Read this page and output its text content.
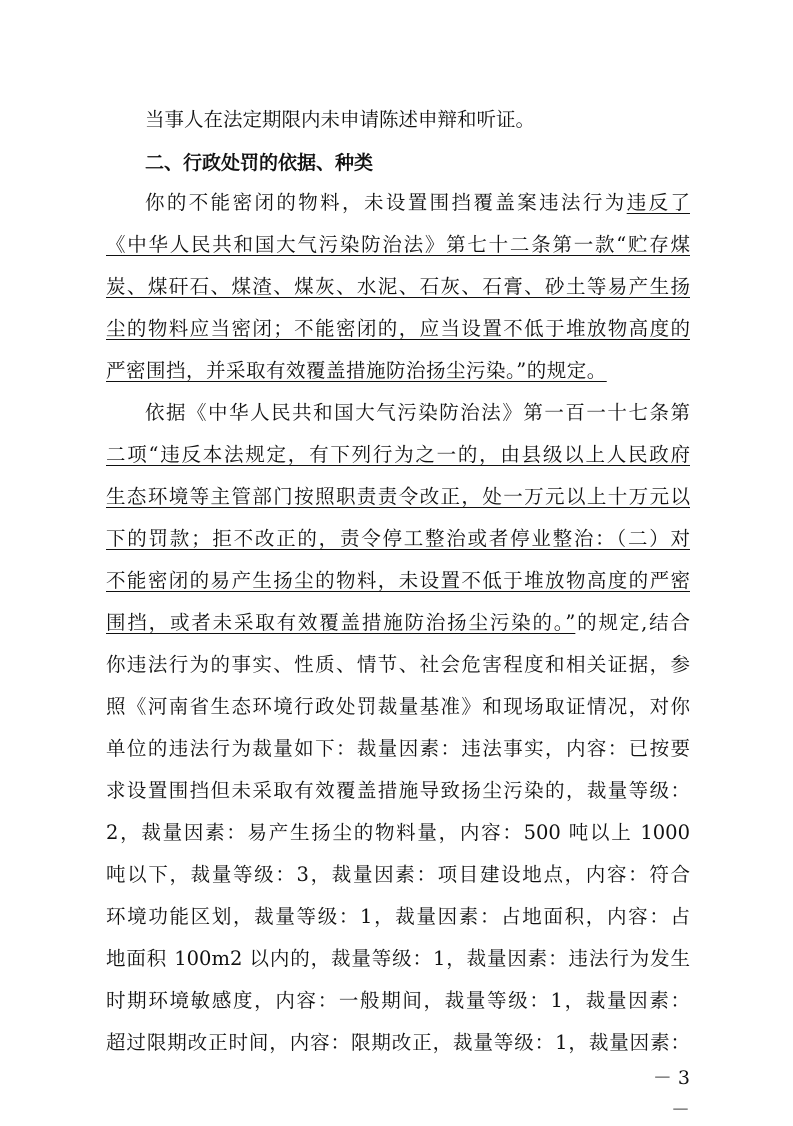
当事人在法定期限内未申请陈述申辩和听证。
二、行政处罚的依据、种类
你的不能密闭的物料，未设置围挡覆盖案违法行为违反了
《中华人民共和国大气污染防治法》第七十二条第一款“贮存煤
炭、煤矸石、煤渣、煤灰、水泥、石灰、石膏、砂土等易产生扬
尘的物料应当密闭；不能密闭的，应当设置不低于堆放物高度的
严密围挡，并采取有效覆盖措施防治扬尘污染。”的规定。
依据《中华人民共和国大气污染防治法》第一百一十七条第
二项“违反本法规定，有下列行为之一的，由县级以上人民政府
生态环境等主管部门按照职责责令改正，处一万元以上十万元以
下的罚款；拒不改正的，责令停工整治或者停业整治：（二）对
不能密闭的易产生扬尘的物料，未设置不低于堆放物高度的严密
围挡，或者未采取有效覆盖措施防治扬尘污染的。”的规定,结合
你违法行为的事实、性质、情节、社会危害程度和相关证据，参
照《河南省生态环境行政处罚裁量基准》和现场取证情况，对你
单位的违法行为裁量如下：裁量因素：违法事实，内容：已按要
求设置围挡但未采取有效覆盖措施导致扬尘污染的，裁量等级：
2，裁量因素：易产生扬尘的物料量，内容：500 吨以上 1000
吨以下，裁量等级：3，裁量因素：项目建设地点，内容：符合
环境功能区划，裁量等级：1，裁量因素：占地面积，内容：占
地面积 100m2 以内的，裁量等级：1，裁量因素：违法行为发生
时期环境敏感度，内容：一般期间，裁量等级：1，裁量因素：
超过限期改正时间，内容：限期改正，裁量等级：1，裁量因素：
－ 3 －
